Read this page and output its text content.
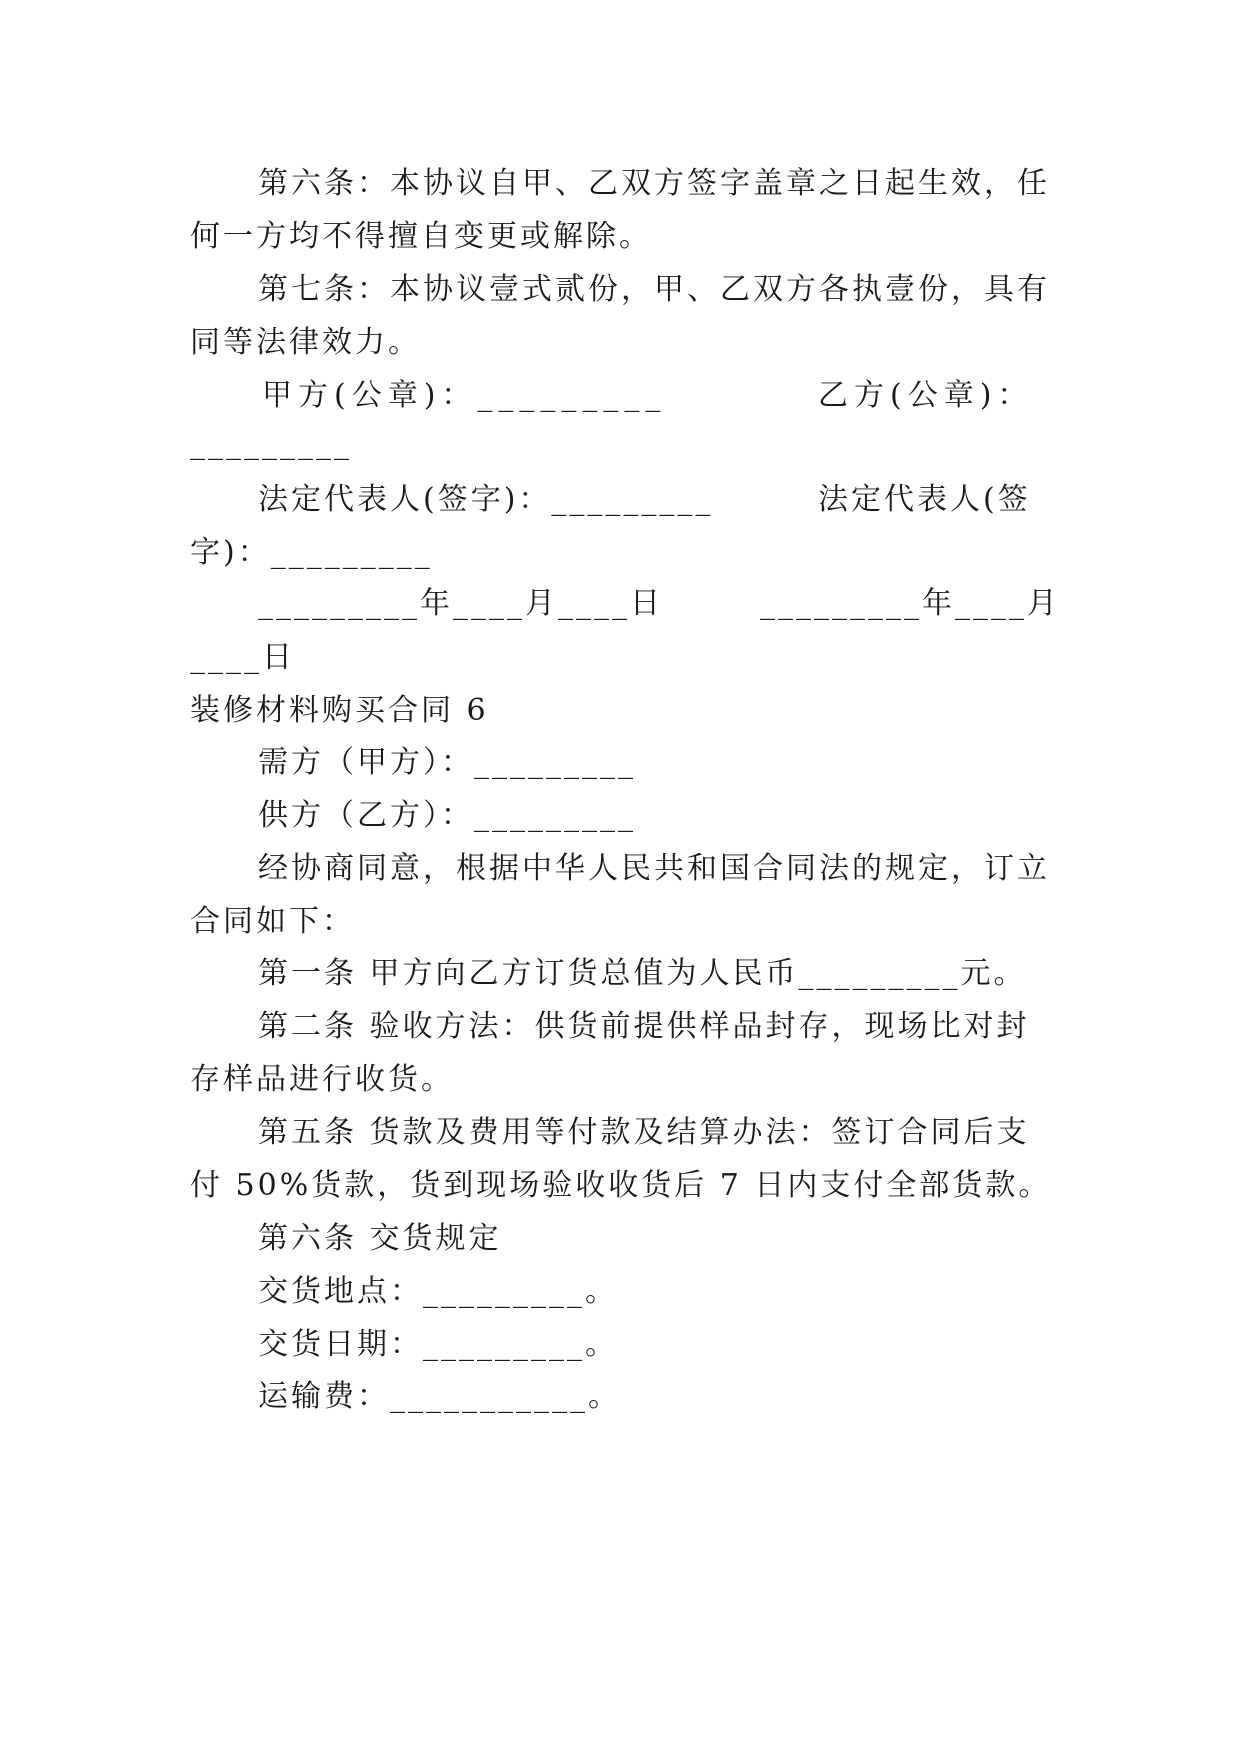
第六条：本协议自甲、乙双方签字盖章之日起生效，任
何一方均不得擅自变更或解除。
第七条：本协议壹式贰份，甲、乙双方各执壹份，具有
同等法律效力。
甲方(公章)：_________	乙方(公章)：
_________
法定代表人(签字)：_________	法定代表人(签
字)：_________
_________年____月____日	_________年____月
____日
装修材料购买合同 6
需方（甲方）：_________
供方（乙方）：_________
经协商同意，根据中华人民共和国合同法的规定，订立
合同如下：
第一条 甲方向乙方订货总值为人民币_________元。
第二条 验收方法：供货前提供样品封存，现场比对封
存样品进行收货。
第五条 货款及费用等付款及结算办法：签订合同后支
付 50%货款，货到现场验收收货后 7 日内支付全部货款。
第六条 交货规定
交货地点：_________。
交货日期：_________。
运输费：___________。
